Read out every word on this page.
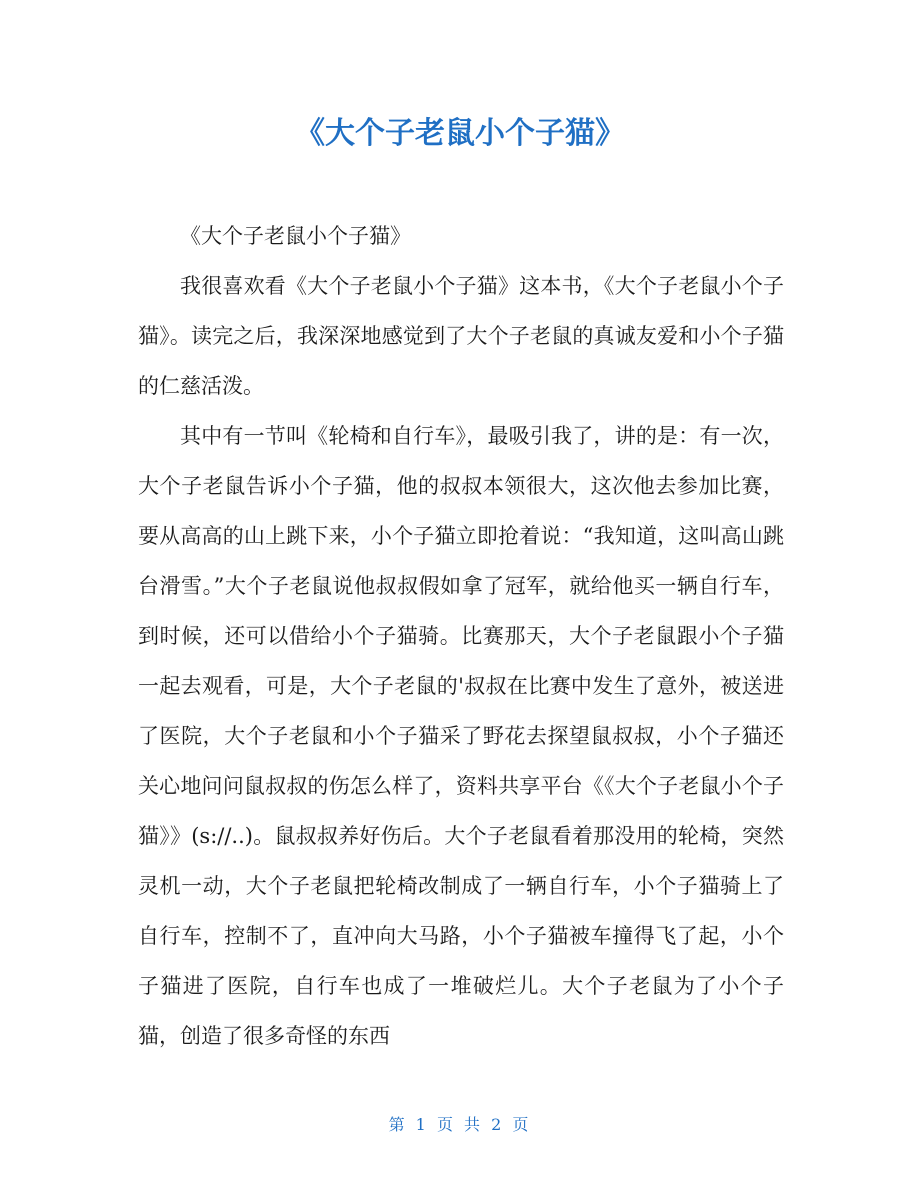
《大个子老鼠小个子猫》

《大个子老鼠小个子猫》

我很喜欢看《大个子老鼠小个子猫》这本书，《大个子老鼠小个子猫》。读完之后，我深深地感觉到了大个子老鼠的真诚友爱和小个子猫的仁慈活泼。

其中有一节叫《轮椅和自行车》，最吸引我了，讲的是：有一次，大个子老鼠告诉小个子猫，他的叔叔本领很大，这次他去参加比赛，要从高高的山上跳下来，小个子猫立即抢着说：“我知道，这叫高山跳台滑雪。”大个子老鼠说他叔叔假如拿了冠军，就给他买一辆自行车，到时候，还可以借给小个子猫骑。比赛那天，大个子老鼠跟小个子猫一起去观看，可是，大个子老鼠的'叔叔在比赛中发生了意外，被送进了医院，大个子老鼠和小个子猫采了野花去探望鼠叔叔，小个子猫还关心地问问鼠叔叔的伤怎么样了，资料共享平台《《大个子老鼠小个子猫》》(s://..)。鼠叔叔养好伤后。大个子老鼠看着那没用的轮椅，突然灵机一动，大个子老鼠把轮椅改制成了一辆自行车，小个子猫骑上了自行车，控制不了，直冲向大马路，小个子猫被车撞得飞了起，小个子猫进了医院，自行车也成了一堆破烂儿。大个子老鼠为了小个子猫，创造了很多奇怪的东西

第 1 页 共 2 页
